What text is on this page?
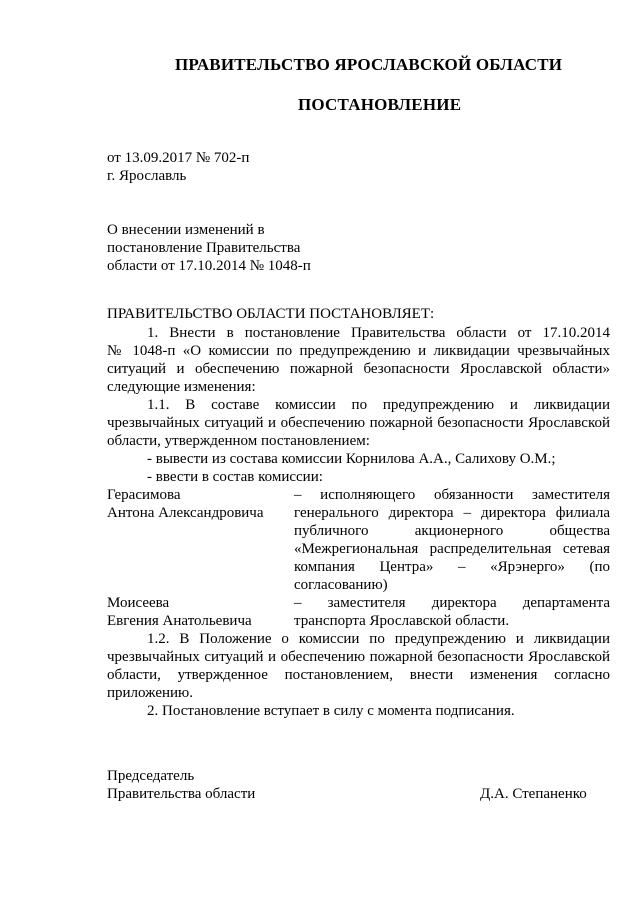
ПРАВИТЕЛЬСТВО ЯРОСЛАВСКОЙ ОБЛАСТИ
ПОСТАНОВЛЕНИЕ
от 13.09.2017 № 702-п
г. Ярославль
О внесении изменений в
постановление Правительства
области от 17.10.2014 № 1048-п
ПРАВИТЕЛЬСТВО ОБЛАСТИ ПОСТАНОВЛЯЕТ:
1. Внести в постановление Правительства области от 17.10.2014
№ 1048-п «О комиссии по предупреждению и ликвидации чрезвычайных
ситуаций и обеспечению пожарной безопасности Ярославской области»
следующие изменения:
1.1. В составе комиссии по предупреждению и ликвидации
чрезвычайных ситуаций и обеспечению пожарной безопасности Ярославской
области, утвержденном постановлением:
- вывести из состава комиссии Корнилова А.А., Салихову О.М.;
- ввести в состав комиссии:
Герасимова
Антона Александровича
– исполняющего обязанности заместителя
генерального директора – директора филиала
публичного акционерного общества
«Межрегиональная распределительная сетевая
компания Центра» – «Ярэнерго» (по
согласованию)
Моисеева
Евгения Анатольевича
– заместителя директора департамента
транспорта Ярославской области.
1.2. В Положение о комиссии по предупреждению и ликвидации
чрезвычайных ситуаций и обеспечению пожарной безопасности Ярославской
области, утвержденное постановлением, внести изменения согласно
приложению.
2. Постановление вступает в силу с момента подписания.
Председатель
Правительства области	Д.А. Степаненко
